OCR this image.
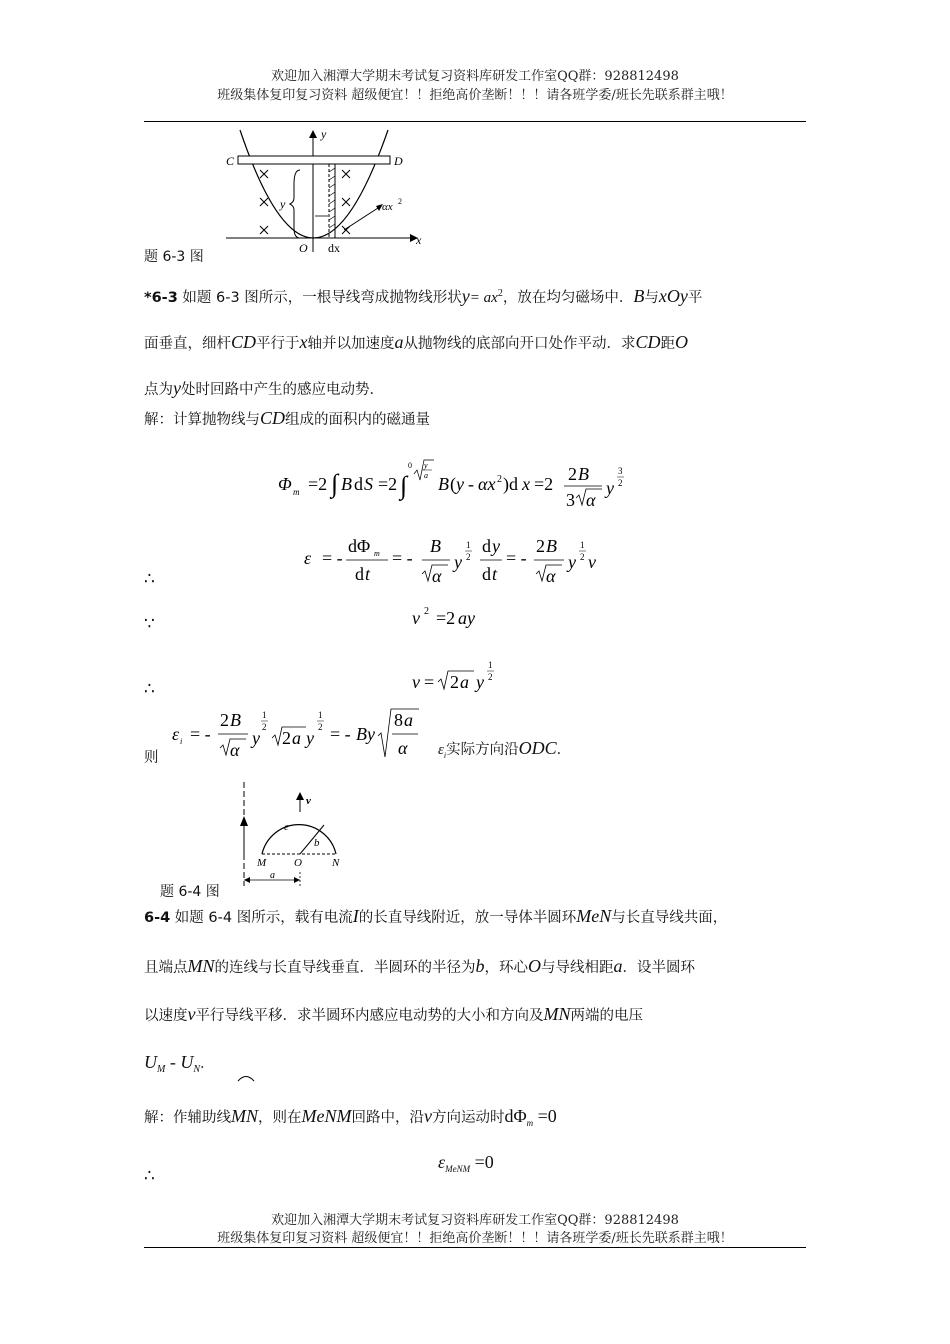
欢迎加入湘潭大学期末考试复习资料库研发工作室QQ群：928812498
班级集体复印复习资料 超级便宜！！拒绝高价垄断！！！请各班学委/班长先联系群主哦！
y
x
C	D
y	αx 2
O dx
题 6-3 图
*6-3 如题 6-3 图所示，一根导线弯成抛物线形状$y= ax^2$，放在均匀磁场中．B与xOy平
面垂直，细杆CD平行于x轴并以加速度a从抛物线的底部向开口处作平动．求CD距O
点为y处时回路中产生的感应电动势．
解：计算抛物线与CD组成的面积内的磁通量
Φ m =2 ∫ B d S =2 ∫
0 y
a B ( y - αx 2 )d x =2 2 B
3 α
y
3
2
∴
ε = -
dΦ m
d t
= -
B
α
y
1
2
d y
d t
= -
2 B
α
y
1
2 v
∵	v 2 =2 ay
∴	v = 2 a y
1
2
则
ε i = -
2 B
α
y
1
2
2 a y
1
2 = - By
8 a
α $\varepsilon_i$实际方向沿ODC．
v
e
b
M	O	N
a
题 6-4 图
6-4 如题 6-4 图所示，载有电流I的长直导线附近，放一导体半圆环MeN与长直导线共面，
且端点MN的连线与长直导线垂直．半圆环的半径为b，环心O与导线相距a．设半圆环
以速度v平行导线平移．求半圆环内感应电动势的大小和方向及MN两端的电压
$U_M - U_N$．
解：作辅助线MN，则在MeNM回路中，沿v方向运动时$d\Phi_m =0$
∴
$\varepsilon_{MeNM} =0$
欢迎加入湘潭大学期末考试复习资料库研发工作室QQ群：928812498
班级集体复印复习资料 超级便宜！！拒绝高价垄断！！！请各班学委/班长先联系群主哦！
